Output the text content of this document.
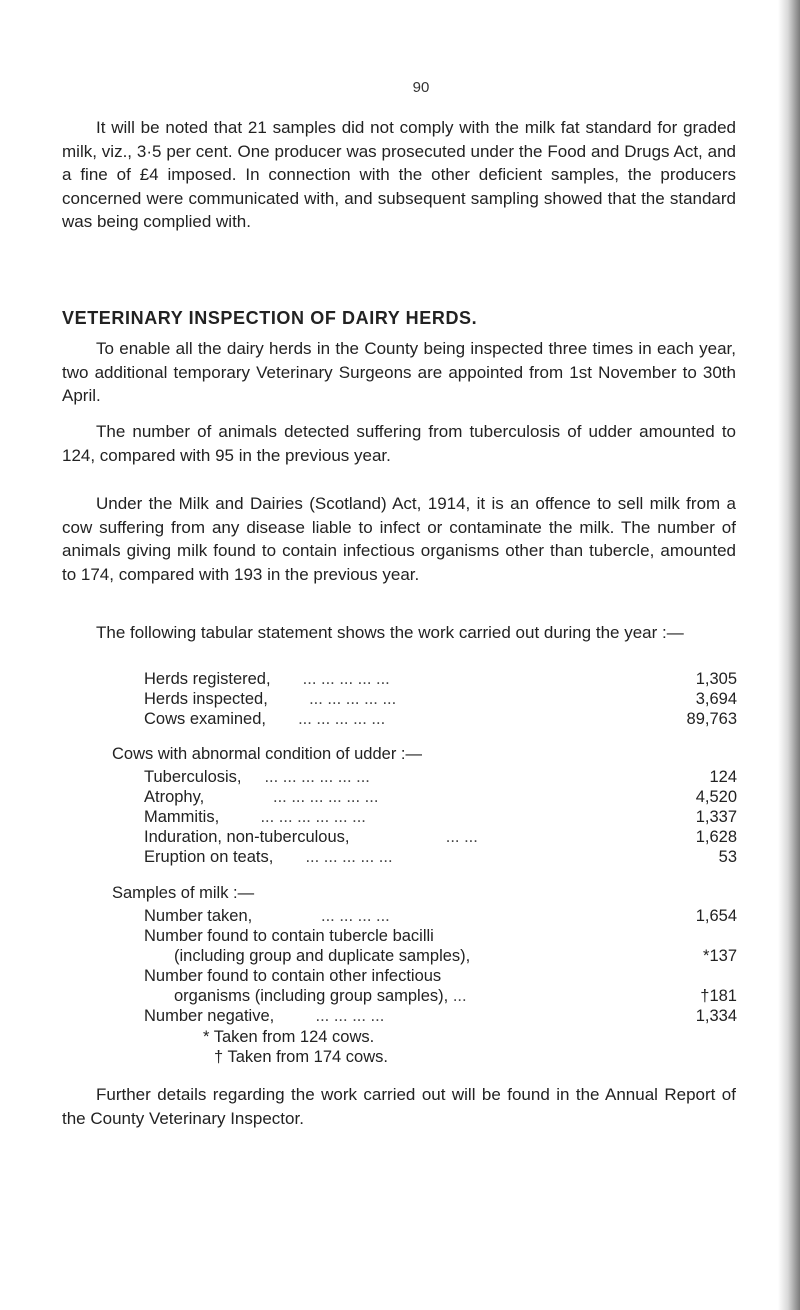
90

It will be noted that 21 samples did not comply with the milk fat standard for graded milk, viz., 3·5 per cent. One producer was prosecuted under the Food and Drugs Act, and a fine of £4 imposed. In connection with the other deficient samples, the producers concerned were communicated with, and subsequent sampling showed that the standard was being complied with.

VETERINARY INSPECTION OF DAIRY HERDS.

To enable all the dairy herds in the County being inspected three times in each year, two additional temporary Veterinary Surgeons are appointed from 1st November to 30th April.

The number of animals detected suffering from tuberculosis of udder amounted to 124, compared with 95 in the previous year.

Under the Milk and Dairies (Scotland) Act, 1914, it is an offence to sell milk from a cow suffering from any disease liable to infect or contaminate the milk. The number of animals giving milk found to contain infectious organisms other than tubercle, amounted to 174, compared with 193 in the previous year.

The following tabular statement shows the work carried out during the year :—

Herds registered, ... ... ... ... ...	1,305
Herds inspected,	... ... ... ... ...	3,694
Cows examined, ... ... ... ... ...	89,763
Cows with abnormal condition of udder :—
Tuberculosis, ... ... ... ... ... ...	124
Atrophy,	... ... ... ... ... ...	4,520
Mammitis,	... ... ... ... ... ...	1,337
Induration, non-tuberculous,	... ...	1,628
Eruption on teats, ... ... ... ... ...	53
Samples of milk :—
Number taken,	... ... ... ...	1,654
Number found to contain tubercle bacilli
(including group and duplicate samples),	*137
Number found to contain other infectious
organisms (including group samples), ...	†181
Number negative,	... ... ... ...	1,334
* Taken from 124 cows.
† Taken from 174 cows.

Further details regarding the work carried out will be found in the Annual Report of the County Veterinary Inspector.
